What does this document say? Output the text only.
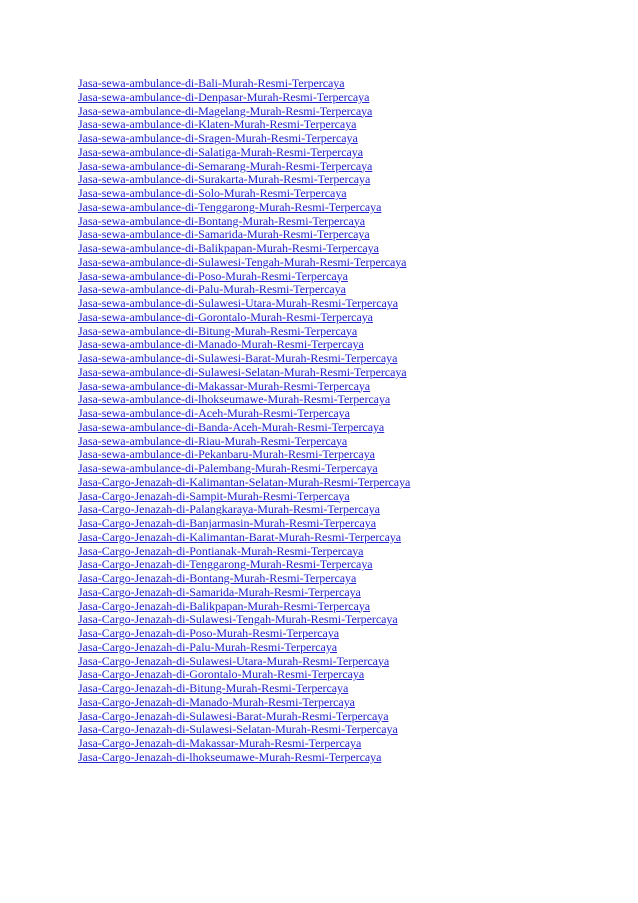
Jasa-sewa-ambulance-di-Bali-Murah-Resmi-Terpercaya
Jasa-sewa-ambulance-di-Denpasar-Murah-Resmi-Terpercaya
Jasa-sewa-ambulance-di-Magelang-Murah-Resmi-Terpercaya
Jasa-sewa-ambulance-di-Klaten-Murah-Resmi-Terpercaya
Jasa-sewa-ambulance-di-Sragen-Murah-Resmi-Terpercaya
Jasa-sewa-ambulance-di-Salatiga-Murah-Resmi-Terpercaya
Jasa-sewa-ambulance-di-Semarang-Murah-Resmi-Terpercaya
Jasa-sewa-ambulance-di-Surakarta-Murah-Resmi-Terpercaya
Jasa-sewa-ambulance-di-Solo-Murah-Resmi-Terpercaya
Jasa-sewa-ambulance-di-Tenggarong-Murah-Resmi-Terpercaya
Jasa-sewa-ambulance-di-Bontang-Murah-Resmi-Terpercaya
Jasa-sewa-ambulance-di-Samarida-Murah-Resmi-Terpercaya
Jasa-sewa-ambulance-di-Balikpapan-Murah-Resmi-Terpercaya
Jasa-sewa-ambulance-di-Sulawesi-Tengah-Murah-Resmi-Terpercaya
Jasa-sewa-ambulance-di-Poso-Murah-Resmi-Terpercaya
Jasa-sewa-ambulance-di-Palu-Murah-Resmi-Terpercaya
Jasa-sewa-ambulance-di-Sulawesi-Utara-Murah-Resmi-Terpercaya
Jasa-sewa-ambulance-di-Gorontalo-Murah-Resmi-Terpercaya
Jasa-sewa-ambulance-di-Bitung-Murah-Resmi-Terpercaya
Jasa-sewa-ambulance-di-Manado-Murah-Resmi-Terpercaya
Jasa-sewa-ambulance-di-Sulawesi-Barat-Murah-Resmi-Terpercaya
Jasa-sewa-ambulance-di-Sulawesi-Selatan-Murah-Resmi-Terpercaya
Jasa-sewa-ambulance-di-Makassar-Murah-Resmi-Terpercaya
Jasa-sewa-ambulance-di-lhokseumawe-Murah-Resmi-Terpercaya
Jasa-sewa-ambulance-di-Aceh-Murah-Resmi-Terpercaya
Jasa-sewa-ambulance-di-Banda-Aceh-Murah-Resmi-Terpercaya
Jasa-sewa-ambulance-di-Riau-Murah-Resmi-Terpercaya
Jasa-sewa-ambulance-di-Pekanbaru-Murah-Resmi-Terpercaya
Jasa-sewa-ambulance-di-Palembang-Murah-Resmi-Terpercaya
Jasa-Cargo-Jenazah-di-Kalimantan-Selatan-Murah-Resmi-Terpercaya
Jasa-Cargo-Jenazah-di-Sampit-Murah-Resmi-Terpercaya
Jasa-Cargo-Jenazah-di-Palangkaraya-Murah-Resmi-Terpercaya
Jasa-Cargo-Jenazah-di-Banjarmasin-Murah-Resmi-Terpercaya
Jasa-Cargo-Jenazah-di-Kalimantan-Barat-Murah-Resmi-Terpercaya
Jasa-Cargo-Jenazah-di-Pontianak-Murah-Resmi-Terpercaya
Jasa-Cargo-Jenazah-di-Tenggarong-Murah-Resmi-Terpercaya
Jasa-Cargo-Jenazah-di-Bontang-Murah-Resmi-Terpercaya
Jasa-Cargo-Jenazah-di-Samarida-Murah-Resmi-Terpercaya
Jasa-Cargo-Jenazah-di-Balikpapan-Murah-Resmi-Terpercaya
Jasa-Cargo-Jenazah-di-Sulawesi-Tengah-Murah-Resmi-Terpercaya
Jasa-Cargo-Jenazah-di-Poso-Murah-Resmi-Terpercaya
Jasa-Cargo-Jenazah-di-Palu-Murah-Resmi-Terpercaya
Jasa-Cargo-Jenazah-di-Sulawesi-Utara-Murah-Resmi-Terpercaya
Jasa-Cargo-Jenazah-di-Gorontalo-Murah-Resmi-Terpercaya
Jasa-Cargo-Jenazah-di-Bitung-Murah-Resmi-Terpercaya
Jasa-Cargo-Jenazah-di-Manado-Murah-Resmi-Terpercaya
Jasa-Cargo-Jenazah-di-Sulawesi-Barat-Murah-Resmi-Terpercaya
Jasa-Cargo-Jenazah-di-Sulawesi-Selatan-Murah-Resmi-Terpercaya
Jasa-Cargo-Jenazah-di-Makassar-Murah-Resmi-Terpercaya
Jasa-Cargo-Jenazah-di-lhokseumawe-Murah-Resmi-Terpercaya
